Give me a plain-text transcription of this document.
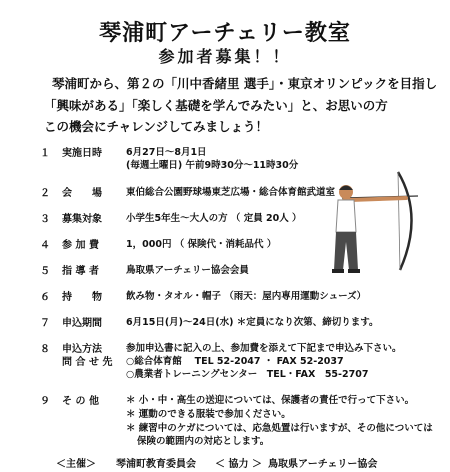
琴浦町アーチェリー教室
参加者募集！！
琴浦町から、第２の「川中香緒里 選手」・東京オリンピックを目指し
「興味がある」「楽しく基礎を学んでみたい」と、お思いの方
この機会にチャレンジしてみましょう！
１ 実施日時	6月27日～8月1日
(毎週土曜日) 午前9時30分～11時30分
２ 会　　場	東伯総合公園野球場東芝広場・総合体育館武道室
３ 募集対象	小学生5年生～大人の方 （ 定員 20人 ）
４ 参 加 費	1，000円 （ 保険代・消耗品代 ）
５ 指 導 者	鳥取県アーチェリー協会会員
６ 持　　物	飲み物・タオル・帽子 （雨天：屋内専用運動シューズ）
７ 申込期間	6月15日(月)～24日(水) ＊定員になり次第、締切ります。
８ 申込方法	参加申込書に記入の上、参加費を添えて下記まで申込み下さい。
問 合 せ 先 ○総合体育館　 TEL 52-2047 ・ FAX 52-2037
○農業者トレーニングセンター　TEL・FAX　55-2707
９ そ の 他	＊ 小・中・高生の送迎については、保護者の責任で行って下さい。
＊ 運動のできる服装で参加ください。
＊ 練習中のケガについては、応急処置は行いますが、その他については
保険の範囲内の対応とします。
＜主催＞ 琴浦町教育委員会 ＜ 協力 ＞ 鳥取県アーチェリー協会
